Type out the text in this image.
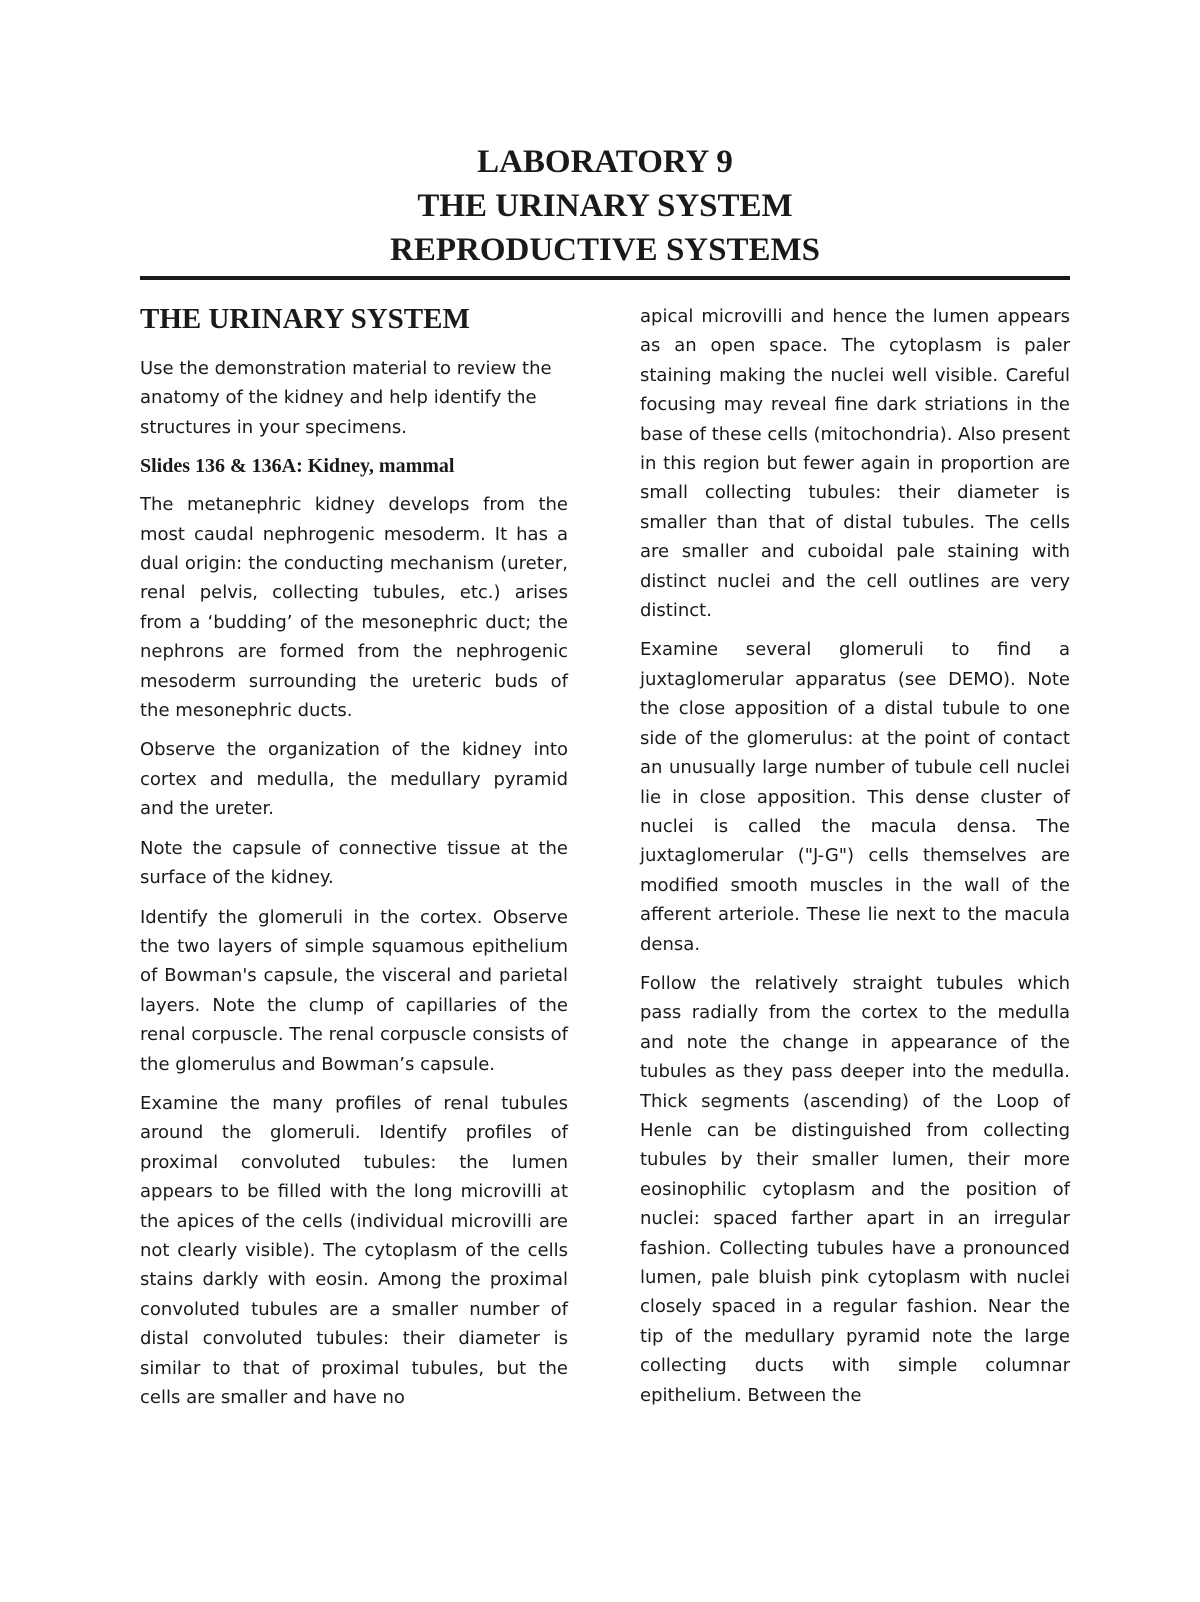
LABORATORY 9
THE URINARY SYSTEM
REPRODUCTIVE SYSTEMS
THE URINARY SYSTEM

Use the demonstration material to review the anatomy of the kidney and help identify the structures in your specimens.

Slides 136 & 136A: Kidney, mammal

The metanephric kidney develops from the most caudal nephrogenic mesoderm. It has a dual origin: the conducting mechanism (ureter, renal pelvis, collecting tubules, etc.) arises from a ‘budding’ of the mesonephric duct; the nephrons are formed from the nephrogenic mesoderm surrounding the ureteric buds of the mesonephric ducts.

Observe the organization of the kidney into cortex and medulla, the medullary pyramid and the ureter.

Note the capsule of connective tissue at the surface of the kidney.

Identify the glomeruli in the cortex. Observe the two layers of simple squamous epithelium of Bowman's capsule, the visceral and parietal layers. Note the clump of capillaries of the renal corpuscle. The renal corpuscle consists of the glomerulus and Bowman’s capsule.

Examine the many profiles of renal tubules around the glomeruli. Identify profiles of proximal convoluted tubules: the lumen appears to be filled with the long microvilli at the apices of the cells (individual microvilli are not clearly visible). The cytoplasm of the cells stains darkly with eosin. Among the proximal convoluted tubules are a smaller number of distal convoluted tubules: their diameter is similar to that of proximal tubules, but the cells are smaller and have no

apical microvilli and hence the lumen appears as an open space. The cytoplasm is paler staining making the nuclei well visible. Careful focusing may reveal fine dark striations in the base of these cells (mitochondria). Also present in this region but fewer again in proportion are small collecting tubules: their diameter is smaller than that of distal tubules. The cells are smaller and cuboidal pale staining with distinct nuclei and the cell outlines are very distinct.

Examine several glomeruli to find a juxtaglomerular apparatus (see DEMO). Note the close apposition of a distal tubule to one side of the glomerulus: at the point of contact an unusually large number of tubule cell nuclei lie in close apposition. This dense cluster of nuclei is called the macula densa. The juxtaglomerular ("J-G") cells themselves are modified smooth muscles in the wall of the afferent arteriole. These lie next to the macula densa.

Follow the relatively straight tubules which pass radially from the cortex to the medulla and note the change in appearance of the tubules as they pass deeper into the medulla. Thick segments (ascending) of the Loop of Henle can be distinguished from collecting tubules by their smaller lumen, their more eosinophilic cytoplasm and the position of nuclei: spaced farther apart in an irregular fashion. Collecting tubules have a pronounced lumen, pale bluish pink cytoplasm with nuclei closely spaced in a regular fashion. Near the tip of the medullary pyramid note the large collecting ducts with simple columnar epithelium. Between the
